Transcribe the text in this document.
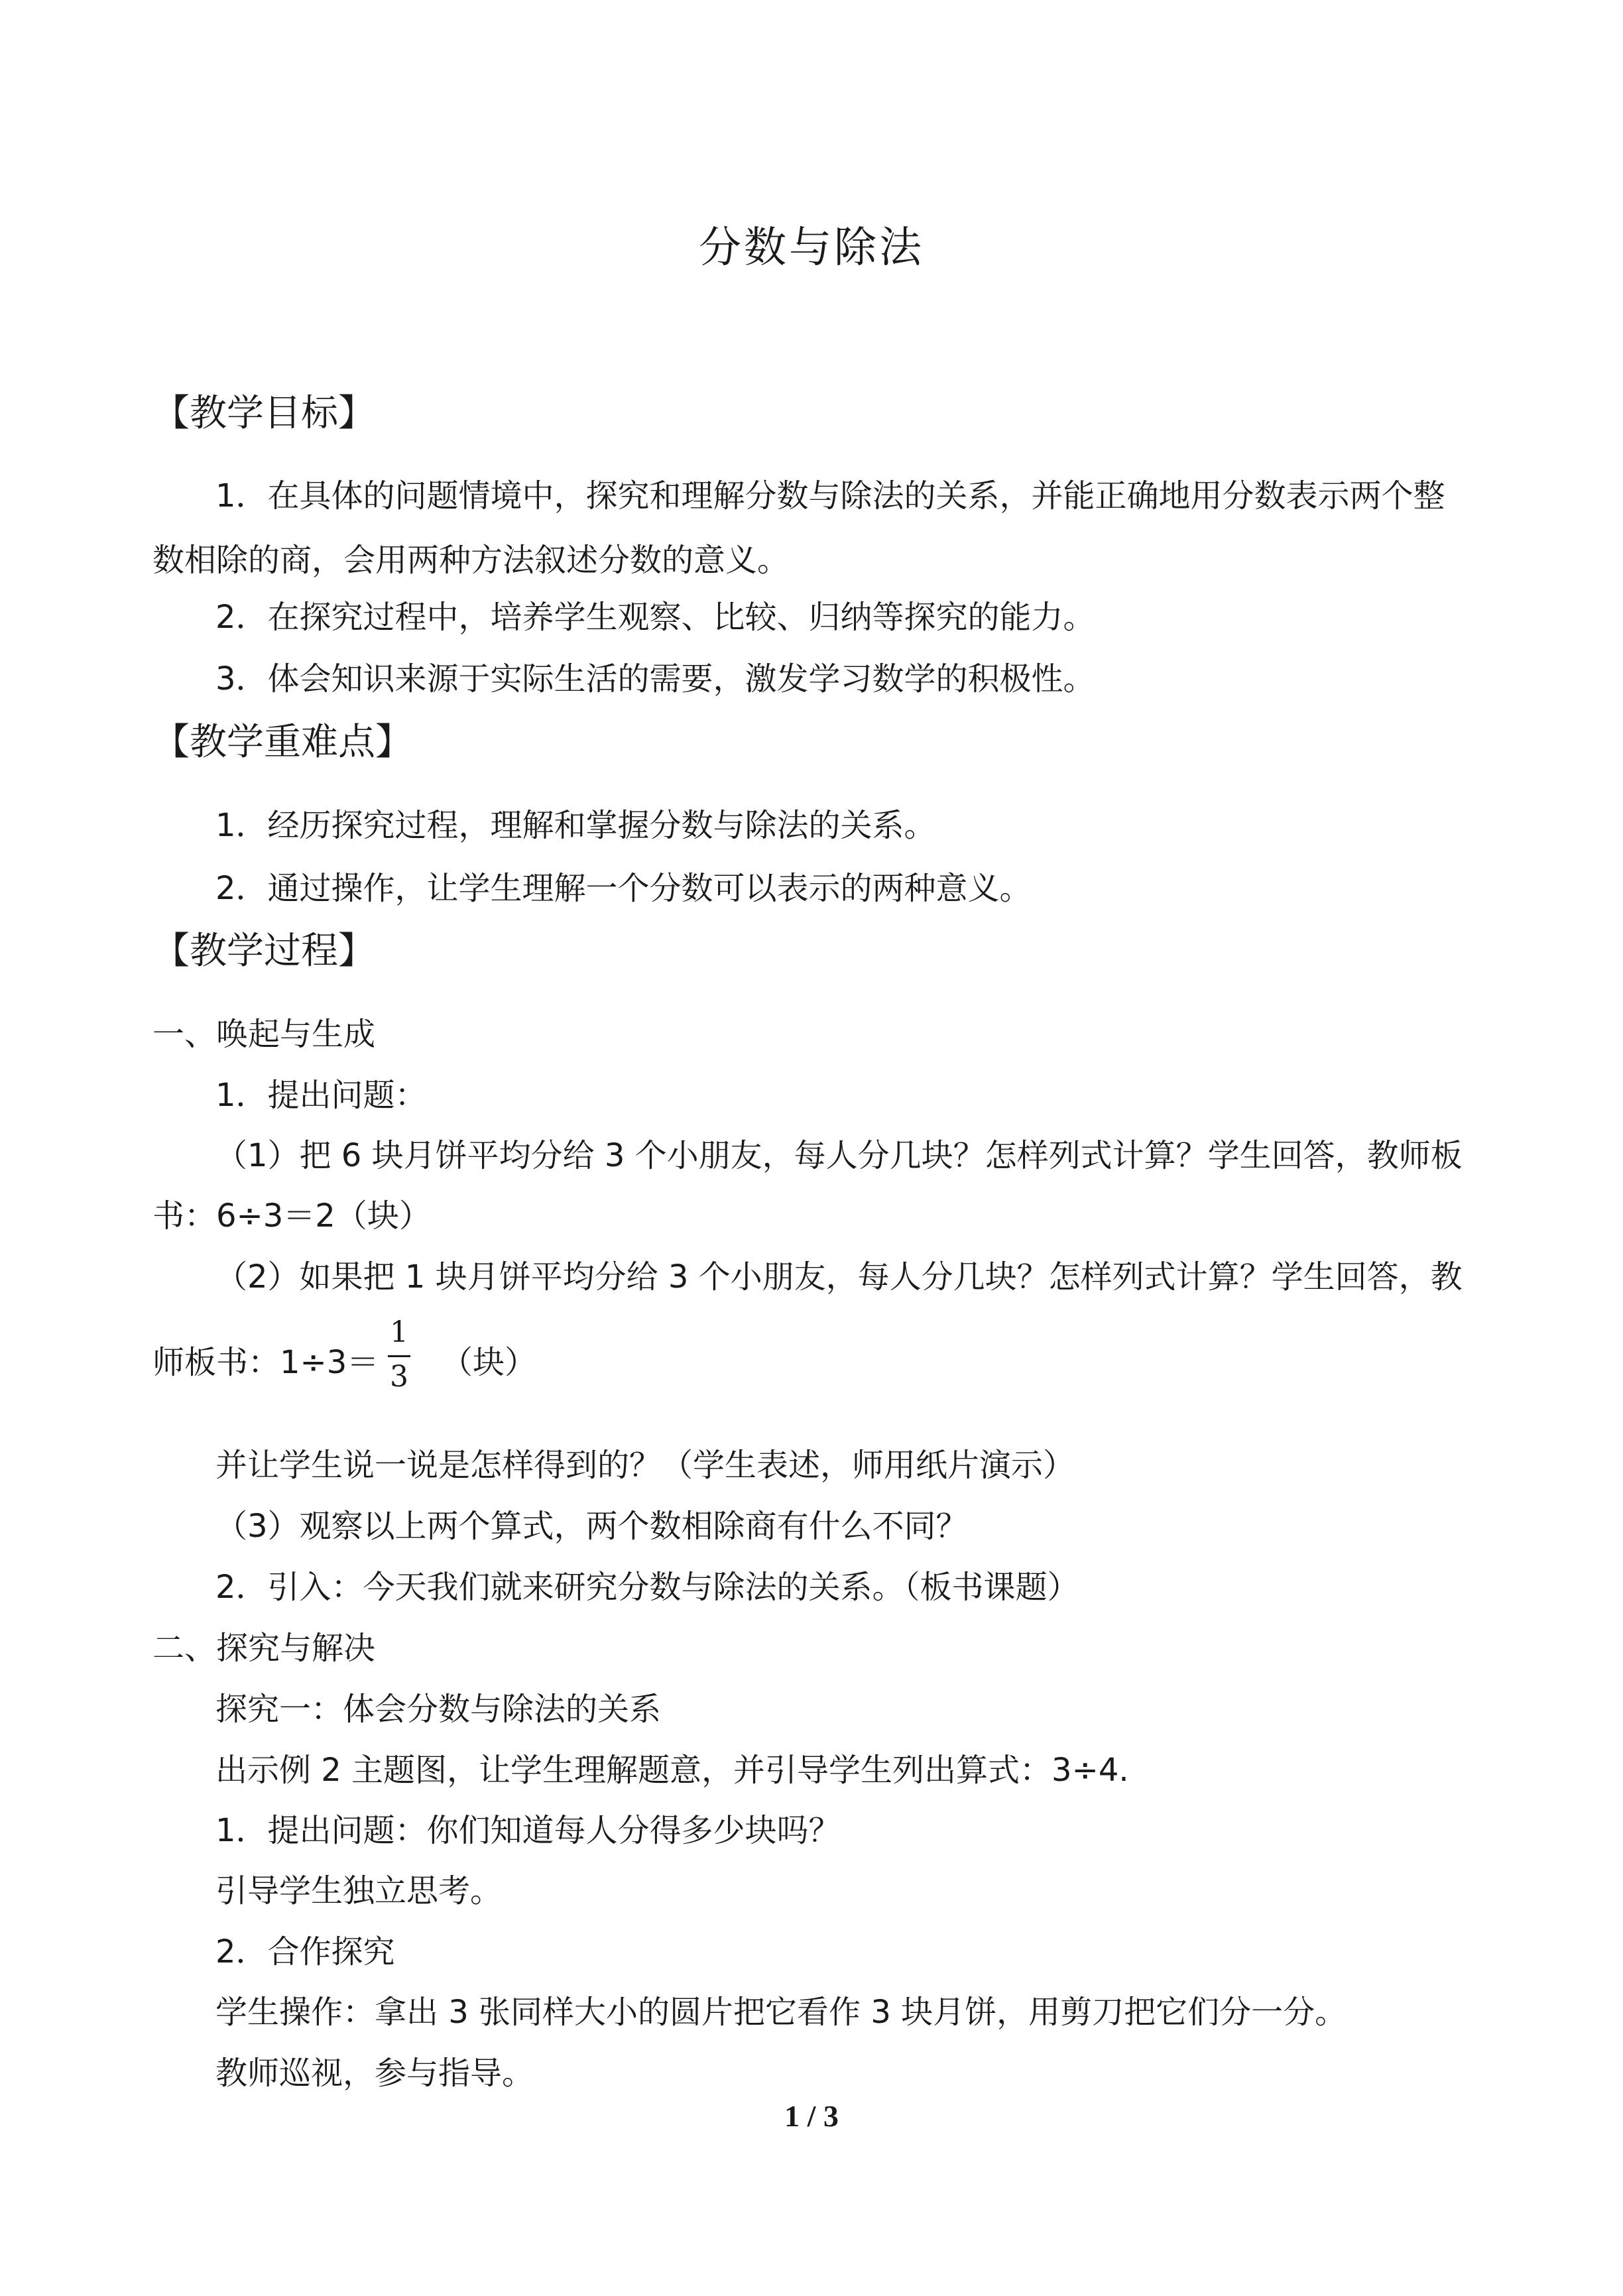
分数与除法
【教学目标】
1．在具体的问题情境中，探究和理解分数与除法的关系，并能正确地用分数表示两个整
数相除的商，会用两种方法叙述分数的意义。
2．在探究过程中，培养学生观察、比较、归纳等探究的能力。
3．体会知识来源于实际生活的需要，激发学习数学的积极性。
【教学重难点】
1．经历探究过程，理解和掌握分数与除法的关系。
2．通过操作，让学生理解一个分数可以表示的两种意义。
【教学过程】
一、唤起与生成
1．提出问题：
（1）把 6 块月饼平均分给 3 个小朋友，每人分几块？怎样列式计算？学生回答，教师板
书：6÷3＝2（块）
（2）如果把 1 块月饼平均分给 3 个小朋友，每人分几块？怎样列式计算？学生回答，教
师板书：1÷3＝
1
3 （块）
并让学生说一说是怎样得到的？（学生表述，师用纸片演示）
（3）观察以上两个算式，两个数相除商有什么不同？
2．引入：今天我们就来研究分数与除法的关系。（板书课题）
二、探究与解决
探究一：体会分数与除法的关系
出示例 2 主题图，让学生理解题意，并引导学生列出算式：3÷4.
1．提出问题：你们知道每人分得多少块吗？
引导学生独立思考。
2．合作探究
学生操作：拿出 3 张同样大小的圆片把它看作 3 块月饼，用剪刀把它们分一分。
教师巡视，参与指导。
1 / 3
